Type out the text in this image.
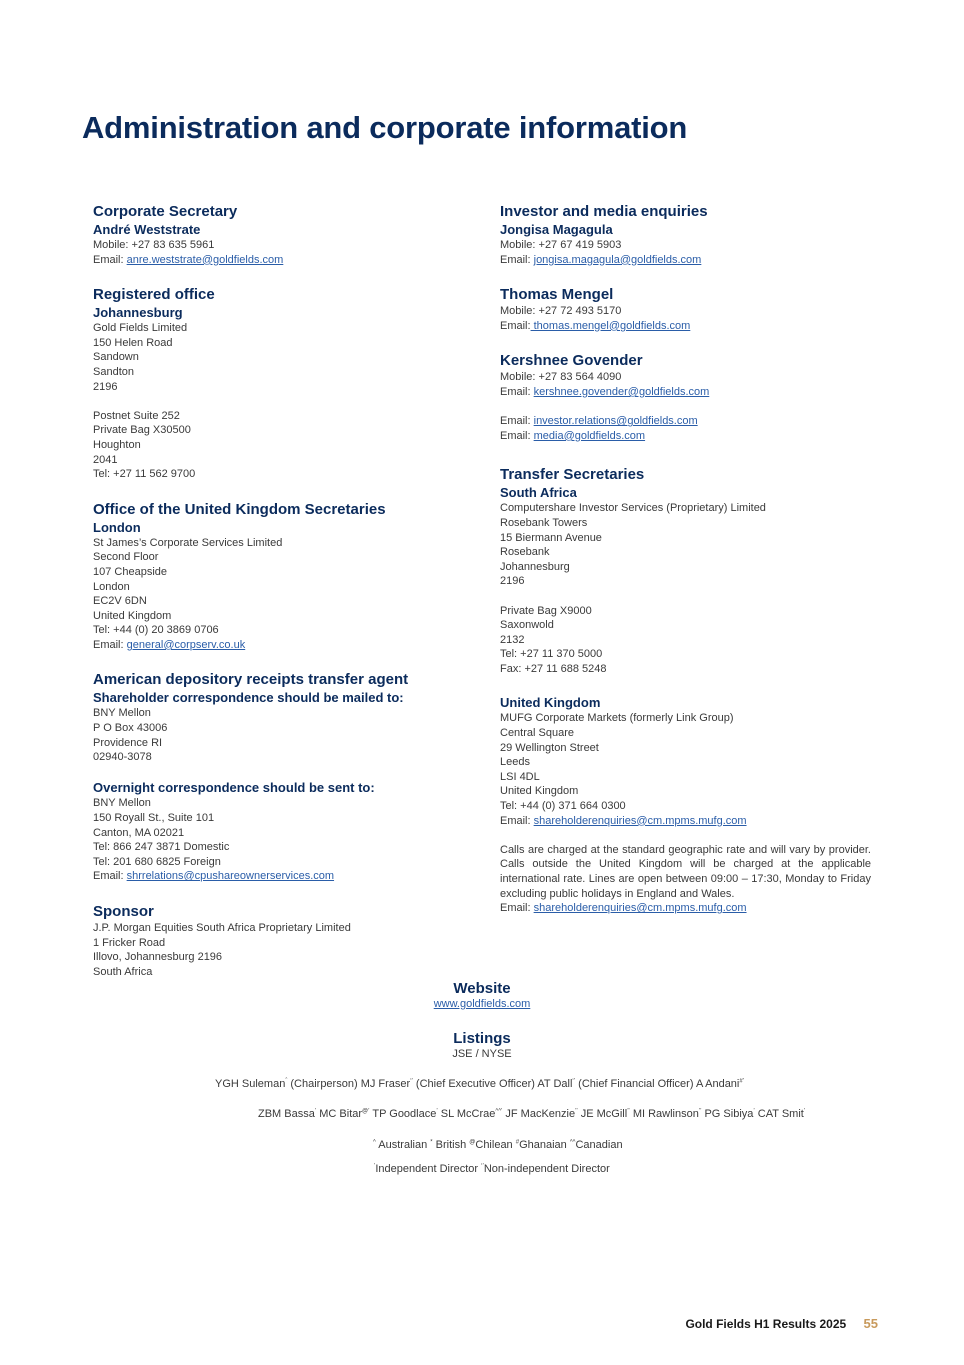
Administration and corporate information
Corporate Secretary
André Weststrate
Mobile: +27 83 635 5961
Email: anre.weststrate@goldfields.com
Registered office
Johannesburg
Gold Fields Limited
150 Helen Road
Sandown
Sandton
2196
Postnet Suite 252
Private Bag X30500
Houghton
2041
Tel: +27 11 562 9700
Office of the United Kingdom Secretaries
London
St James’s Corporate Services Limited
Second Floor
107 Cheapside
London
EC2V 6DN
United Kingdom
Tel: +44 (0) 20 3869 0706
Email: general@corpserv.co.uk
American depository receipts transfer agent
Shareholder correspondence should be mailed to:
BNY Mellon
P O Box 43006
Providence RI
02940-3078
Overnight correspondence should be sent to:
BNY Mellon
150 Royall St., Suite 101
Canton, MA 02021
Tel: 866 247 3871 Domestic
Tel: 201 680 6825 Foreign
Email: shrrelations@cpushareownerservices.com
Sponsor
J.P. Morgan Equities South Africa Proprietary Limited
1 Fricker Road
Illovo, Johannesburg 2196
South Africa
Investor and media enquiries
Jongisa Magagula
Mobile: +27 67 419 5903
Email: jongisa.magagula@goldfields.com
Thomas Mengel
Mobile: +27 72 493 5170
Email: thomas.mengel@goldfields.com
Kershnee Govender
Mobile: +27 83 564 4090
Email: kershnee.govender@goldfields.com
Email: investor.relations@goldfields.com
Email: media@goldfields.com
Transfer Secretaries
South Africa
Computershare Investor Services (Proprietary) Limited
Rosebank Towers
15 Biermann Avenue
Rosebank
Johannesburg
2196
Private Bag X9000
Saxonwold
2132
Tel: +27 11 370 5000
Fax: +27 11 688 5248
United Kingdom
MUFG Corporate Markets (formerly Link Group)
Central Square
29 Wellington Street
Leeds
LSI 4DL
United Kingdom
Tel: +44 (0) 371 664 0300
Email: shareholderenquiries@cm.mpms.mufg.com
Calls are charged at the standard geographic rate and will vary by provider. Calls outside the United Kingdom will be charged at the applicable international rate. Lines are open between 09:00 – 17:30, Monday to Friday excluding public holidays in England and Wales.
Email: shareholderenquiries@cm.mpms.mufg.com
Website
www.goldfields.com
Listings
JSE / NYSE
YGH Suleman$^ˆ$ (Chairperson) MJ Fraser‘’ (Chief Executive Officer) AT Dall‘’ (Chief Financial Officer) A Andani#’
ZBM Bassa’ MC Bitar@’ TP Goodlace’ SL McCrae^^’ JF MacKenzie’’ JE McGill’’ MI Rawlinson’’ PG Sibiya’ CAT Smit’
^ Australian * British @Chilean #Ghanaian ^^Canadian
’Independent Director ‘’Non-independent Director
Gold Fields H1 Results 2025 55
